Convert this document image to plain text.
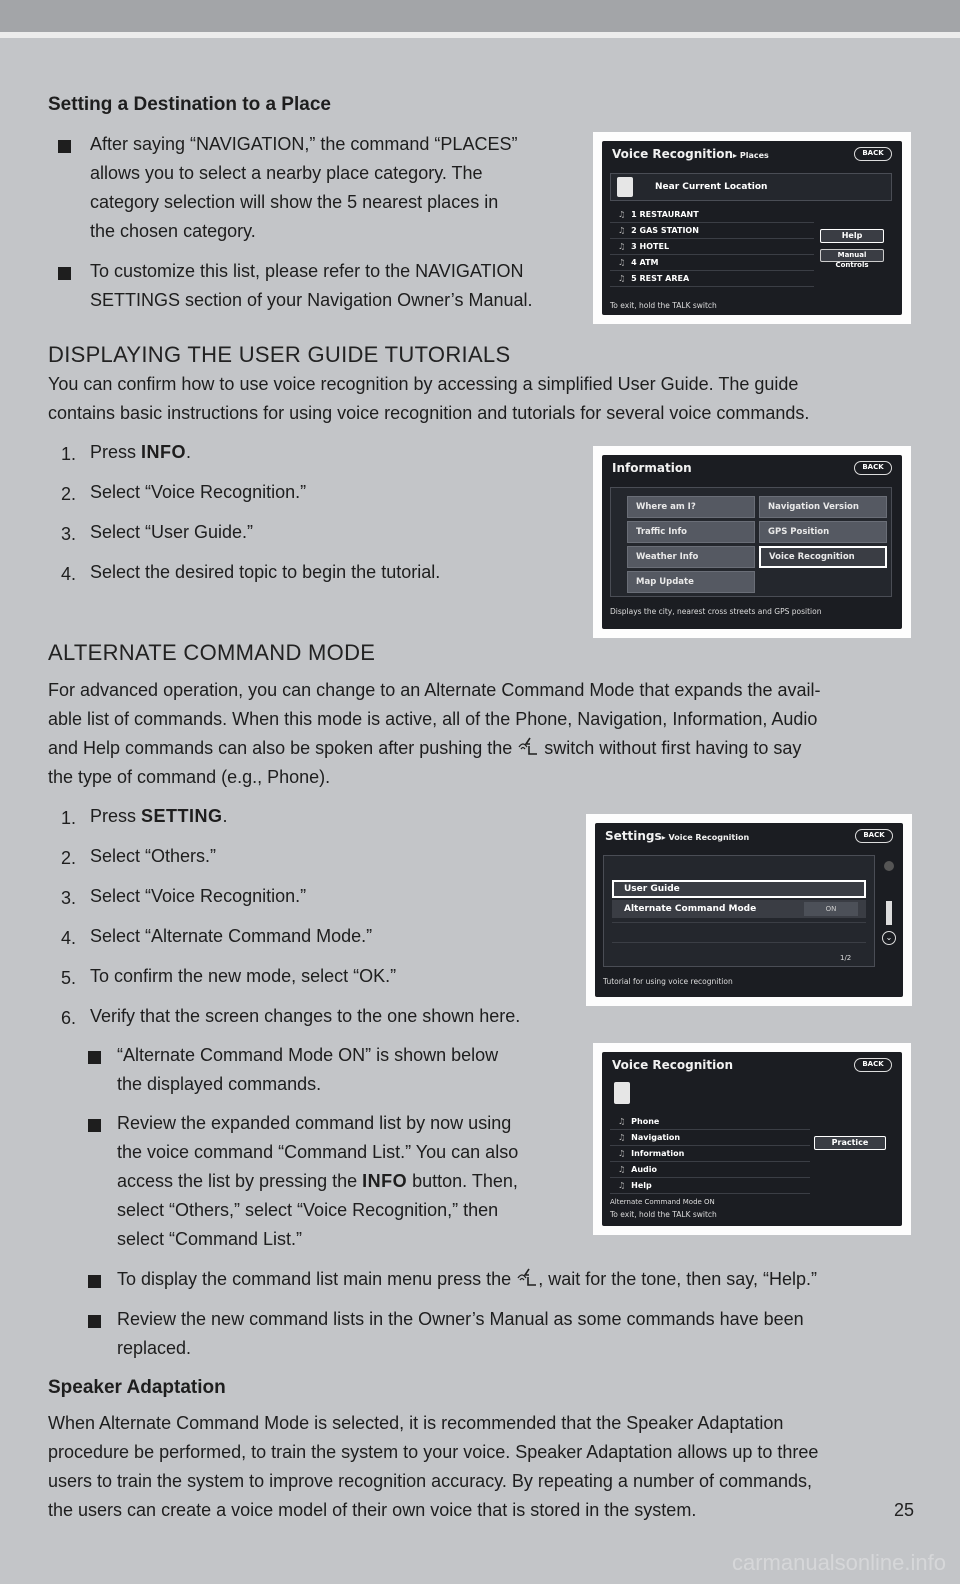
Setting a Destination to a Place
After saying “NAVIGATION,” the command “PLACES”
allows you to select a nearby place category. The
category selection will show the 5 nearest places in
the chosen category.
To customize this list, please refer to the NAVIGATION
SETTINGS section of your Navigation Owner’s Manual.
Voice Recognition▸ Places	BACK
Near Current Location
♫ 1 RESTAURANT
♫ 2 GAS STATION
♫ 3 HOTEL
♫ 4 ATM
♫ 5 REST AREA
Help
Manual Controls
To exit, hold the TALK switch
DISPLAYING THE USER GUIDE TUTORIALS
You can confirm how to use voice recognition by accessing a simplified User Guide. The guide
contains basic instructions for using voice recognition and tutorials for several voice commands.
1. Press INFO.
2. Select “Voice Recognition.”
3. Select “User Guide.”
4. Select the desired topic to begin the tutorial.
Information	BACK
Where am I?
Traffic Info
Weather Info
Map Update
Navigation Version
GPS Position
Voice Recognition
Displays the city, nearest cross streets and GPS position
ALTERNATE COMMAND MODE
For advanced operation, you can change to an Alternate Command Mode that expands the avail-
able list of commands. When this mode is active, all of the Phone, Navigation, Information, Audio
and Help commands can also be spoken after pushing the  switch without first having to say
the type of command (e.g., Phone).
1. Press SETTING.
2. Select “Others.”
3. Select “Voice Recognition.”
4. Select “Alternate Command Mode.”
5. To confirm the new mode, select “OK.”
6. Verify that the screen changes to the one shown here.
“Alternate Command Mode ON” is shown below
the displayed commands.
Review the expanded command list by now using
the voice command “Command List.” You can also
access the list by pressing the INFO button. Then,
select “Others,” select “Voice Recognition,” then
select “Command List.”
To display the command list main menu press the , wait for the tone, then say, “Help.”
Review the new command lists in the Owner’s Manual as some commands have been
replaced.
Settings▸ Voice Recognition	BACK
User Guide
Alternate Command Mode	ON
1/2
⌄
Tutorial for using voice recognition
Voice Recognition	BACK
♫ Phone
♫ Navigation
♫ Information
♫ Audio
♫ Help
Practice
Alternate Command Mode ON
To exit, hold the TALK switch
Speaker Adaptation
When Alternate Command Mode is selected, it is recommended that the Speaker Adaptation
procedure be performed, to train the system to your voice. Speaker Adaptation allows up to three
users to train the system to improve recognition accuracy. By repeating a number of commands,
the users can create a voice model of their own voice that is stored in the system.	25
carmanualsonline.info
